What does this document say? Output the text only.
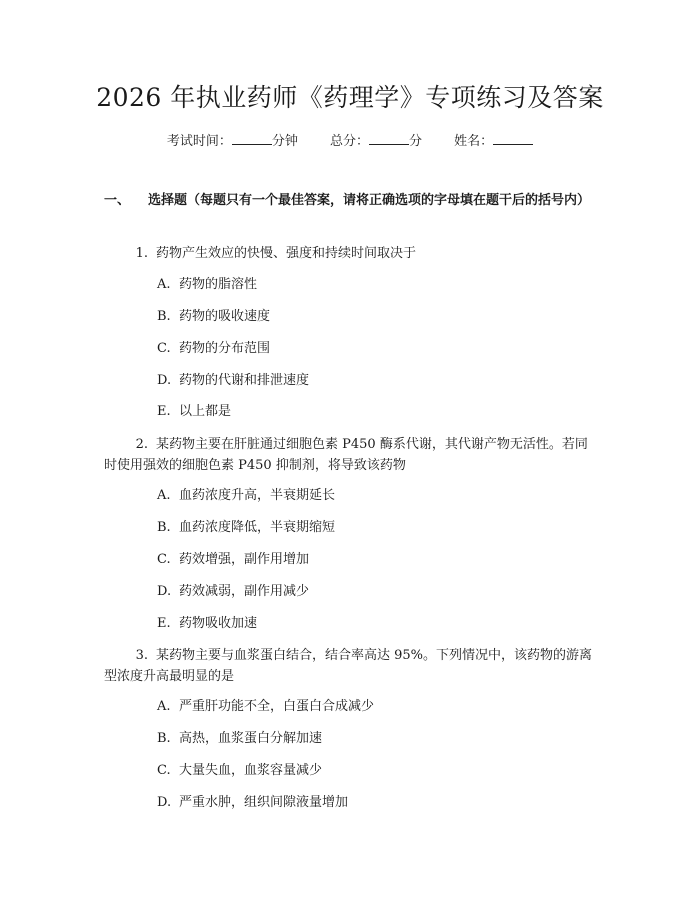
2026 年执业药师《药理学》专项练习及答案
考试时间：	分钟 总分：	分 姓名：
一、 选择题（每题只有一个最佳答案，请将正确选项的字母填在题干后的括号内）

1. 药物产生效应的快慢、强度和持续时间取决于

A. 药物的脂溶性
B. 药物的吸收速度
C. 药物的分布范围
D. 药物的代谢和排泄速度
E. 以上都是

2. 某药物主要在肝脏通过细胞色素 P450 酶系代谢，其代谢产物无活性。若同时使用强效的细胞色素 P450 抑制剂，将导致该药物

A. 血药浓度升高，半衰期延长
B. 血药浓度降低，半衰期缩短
C. 药效增强，副作用增加
D. 药效减弱，副作用减少
E. 药物吸收加速

3. 某药物主要与血浆蛋白结合，结合率高达 95%。下列情况中，该药物的游离型浓度升高最明显的是

A. 严重肝功能不全，白蛋白合成减少
B. 高热，血浆蛋白分解加速
C. 大量失血，血浆容量减少
D. 严重水肿，组织间隙液量增加
